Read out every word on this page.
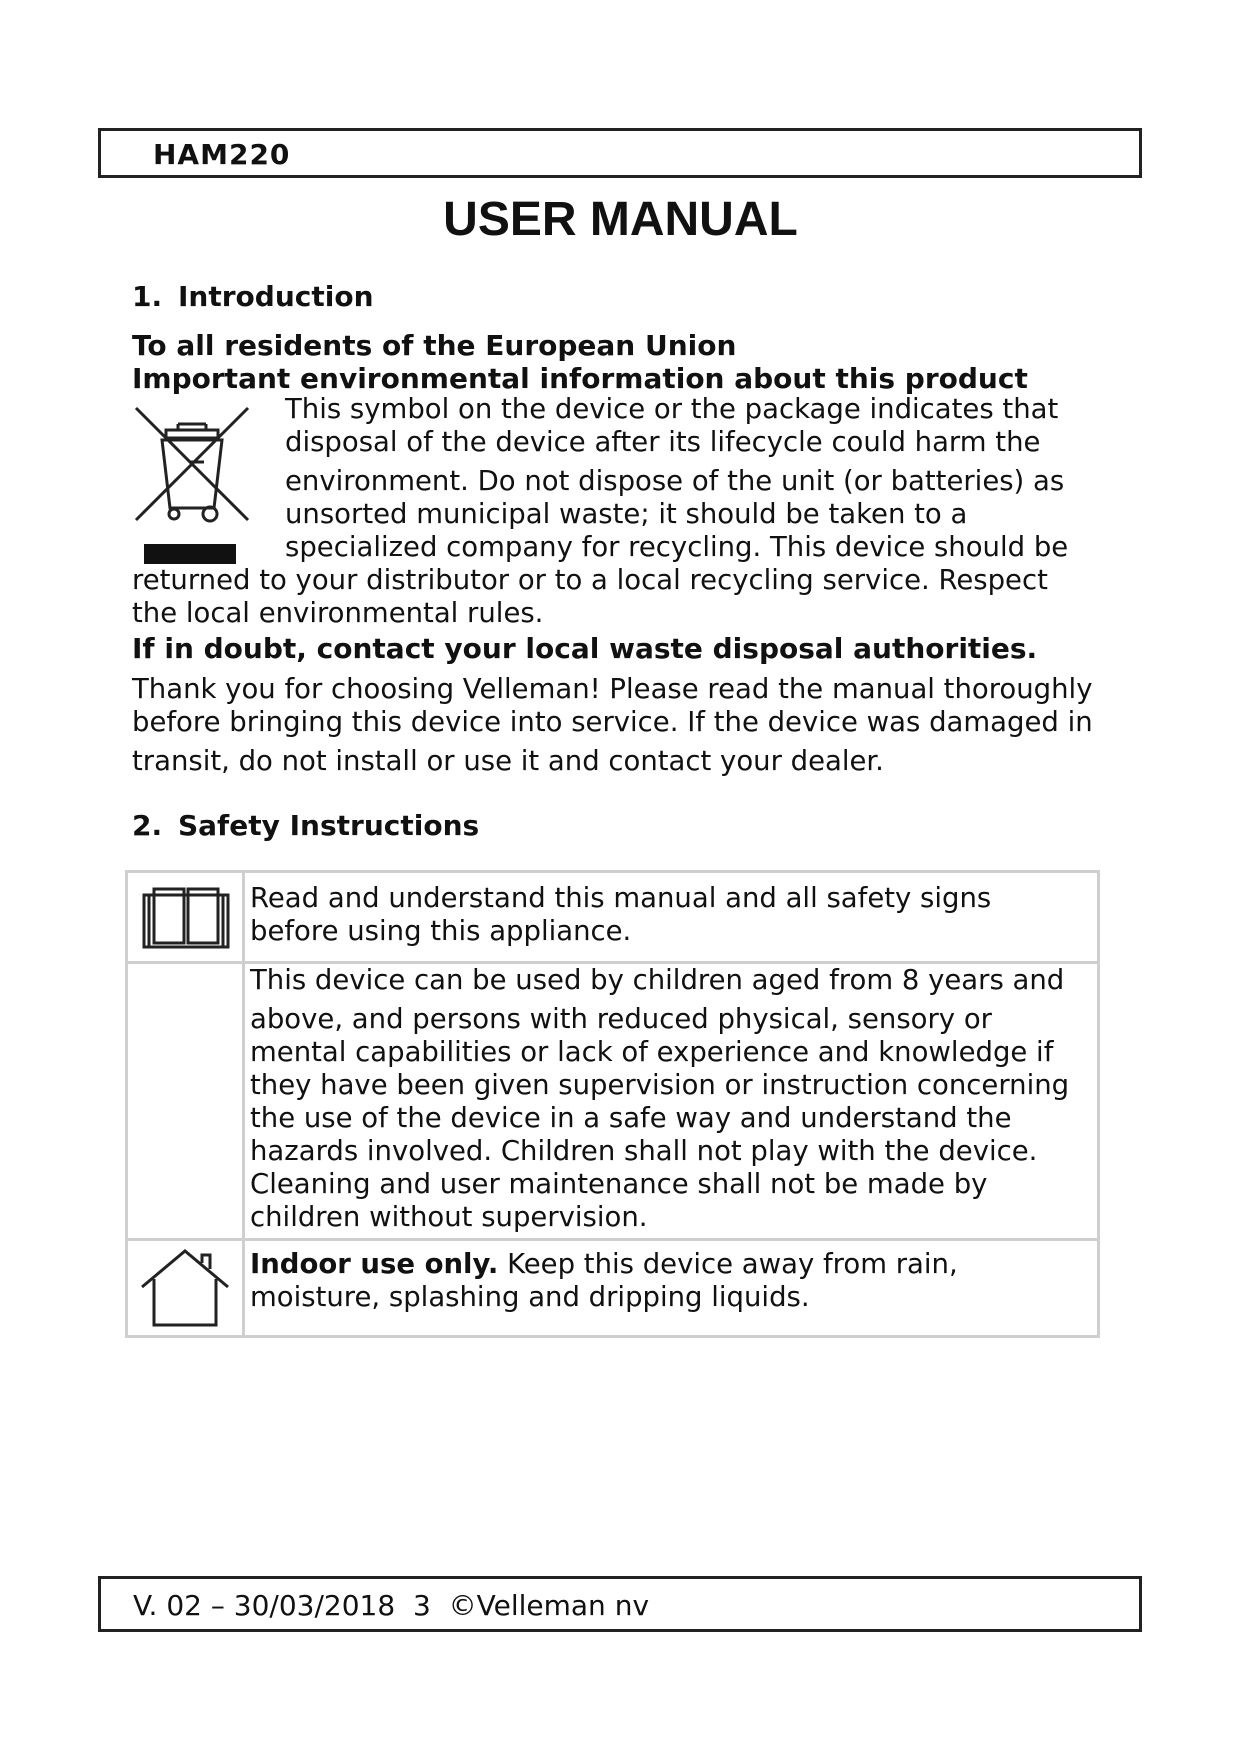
HAM220
USER MANUAL
1. Introduction
To all residents of the European Union
Important environmental information about this product
This symbol on the device or the package indicates that
disposal of the device after its lifecycle could harm the
environment. Do not dispose of the unit (or batteries) as
unsorted municipal waste; it should be taken to a
specialized company for recycling. This device should be
returned to your distributor or to a local recycling service. Respect
the local environmental rules.
If in doubt, contact your local waste disposal authorities.
Thank you for choosing Velleman! Please read the manual thoroughly
before bringing this device into service. If the device was damaged in
transit, do not install or use it and contact your dealer.
2. Safety Instructions
Read and understand this manual and all safety signs
before using this appliance.
This device can be used by children aged from 8 years and
above, and persons with reduced physical, sensory or
mental capabilities or lack of experience and knowledge if
they have been given supervision or instruction concerning
the use of the device in a safe way and understand the
hazards involved. Children shall not play with the device.
Cleaning and user maintenance shall not be made by
children without supervision.
Indoor use only. Keep this device away from rain,
moisture, splashing and dripping liquids.
V. 02 – 30/03/2018 3 ©Velleman nv
